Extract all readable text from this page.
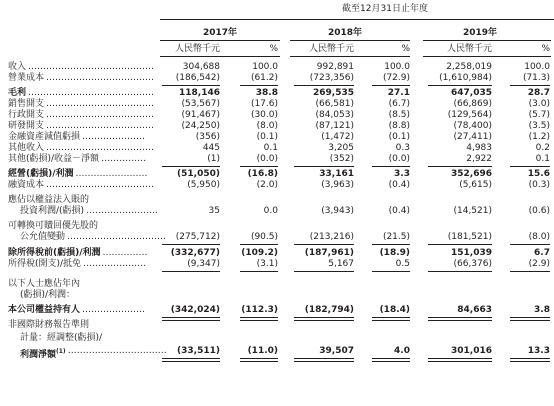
截至12月31日止年度
2017年	2018年	2019年
人民幣千元	%	人民幣千元	%	人民幣千元	%
收入 ……………………………………	304,688	100.0	992,891	100.0	2,258,019	100.0
營業成本 ………………………………	(186,542)	(61.2)	(723,356)	(72.9)	(1,610,984)	(71.3)
毛利 ……………………………………	118,146	38.8	269,535	27.1	647,035	28.7
銷售開支 ………………………………	(53,567)	(17.6)	(66,581)	(6.7)	(66,869)	(3.0)
行政開支 ………………………………	(91,467)	(30.0)	(84,053)	(8.5)	(129,564)	(5.7)
研發開支 ………………………………	(24,250)	(8.0)	(87,121)	(8.8)	(78,400)	(3.5)
金融資產減值虧損 …………………	(356)	(0.1)	(1,472)	(0.1)	(27,411)	(1.2)
其他收入 ………………………………	445	0.1	3,205	0.3	4,983	0.2
其他(虧損)/收益－淨額 ……………	(1)	(0.0)	(352)	(0.0)	2,922	0.1
經營(虧損)/利潤 ……………………	(51,050)	(16.8)	33,161	3.3	352,696	15.6
融資成本 ………………………………	(5,950)	(2.0)	(3,963)	(0.4)	(5,615)	(0.3)
應佔以權益法入賬的
投資利潤/(虧損) ……………………	35	0.0	(3,943)	(0.4)	(14,521)	(0.6)
可轉換可贖回優先股的
公允值變動 ……………………………	(275,712)	(90.5)	(213,216)	(21.5)	(181,521)	(8.0)
除所得稅前(虧損)/利潤 ……………	(332,677)	(109.2)	(187,961)	(18.9)	151,039	6.7
所得稅(開支)/抵免 …………………	(9,347)	(3.1)	5,167	0.5	(66,376)	(2.9)
以下人士應佔年內
(虧損)/利潤：
本公司權益持有人 …………………	(342,024)	(112.3)	(182,794)	(18.4)	84,663	3.8
非國際財務報告準則
計量：經調整(虧損)/
利潤淨額$^{(1)}$ ……………………………	(33,511)	(11.0)	39,507	4.0	301,016	13.3
